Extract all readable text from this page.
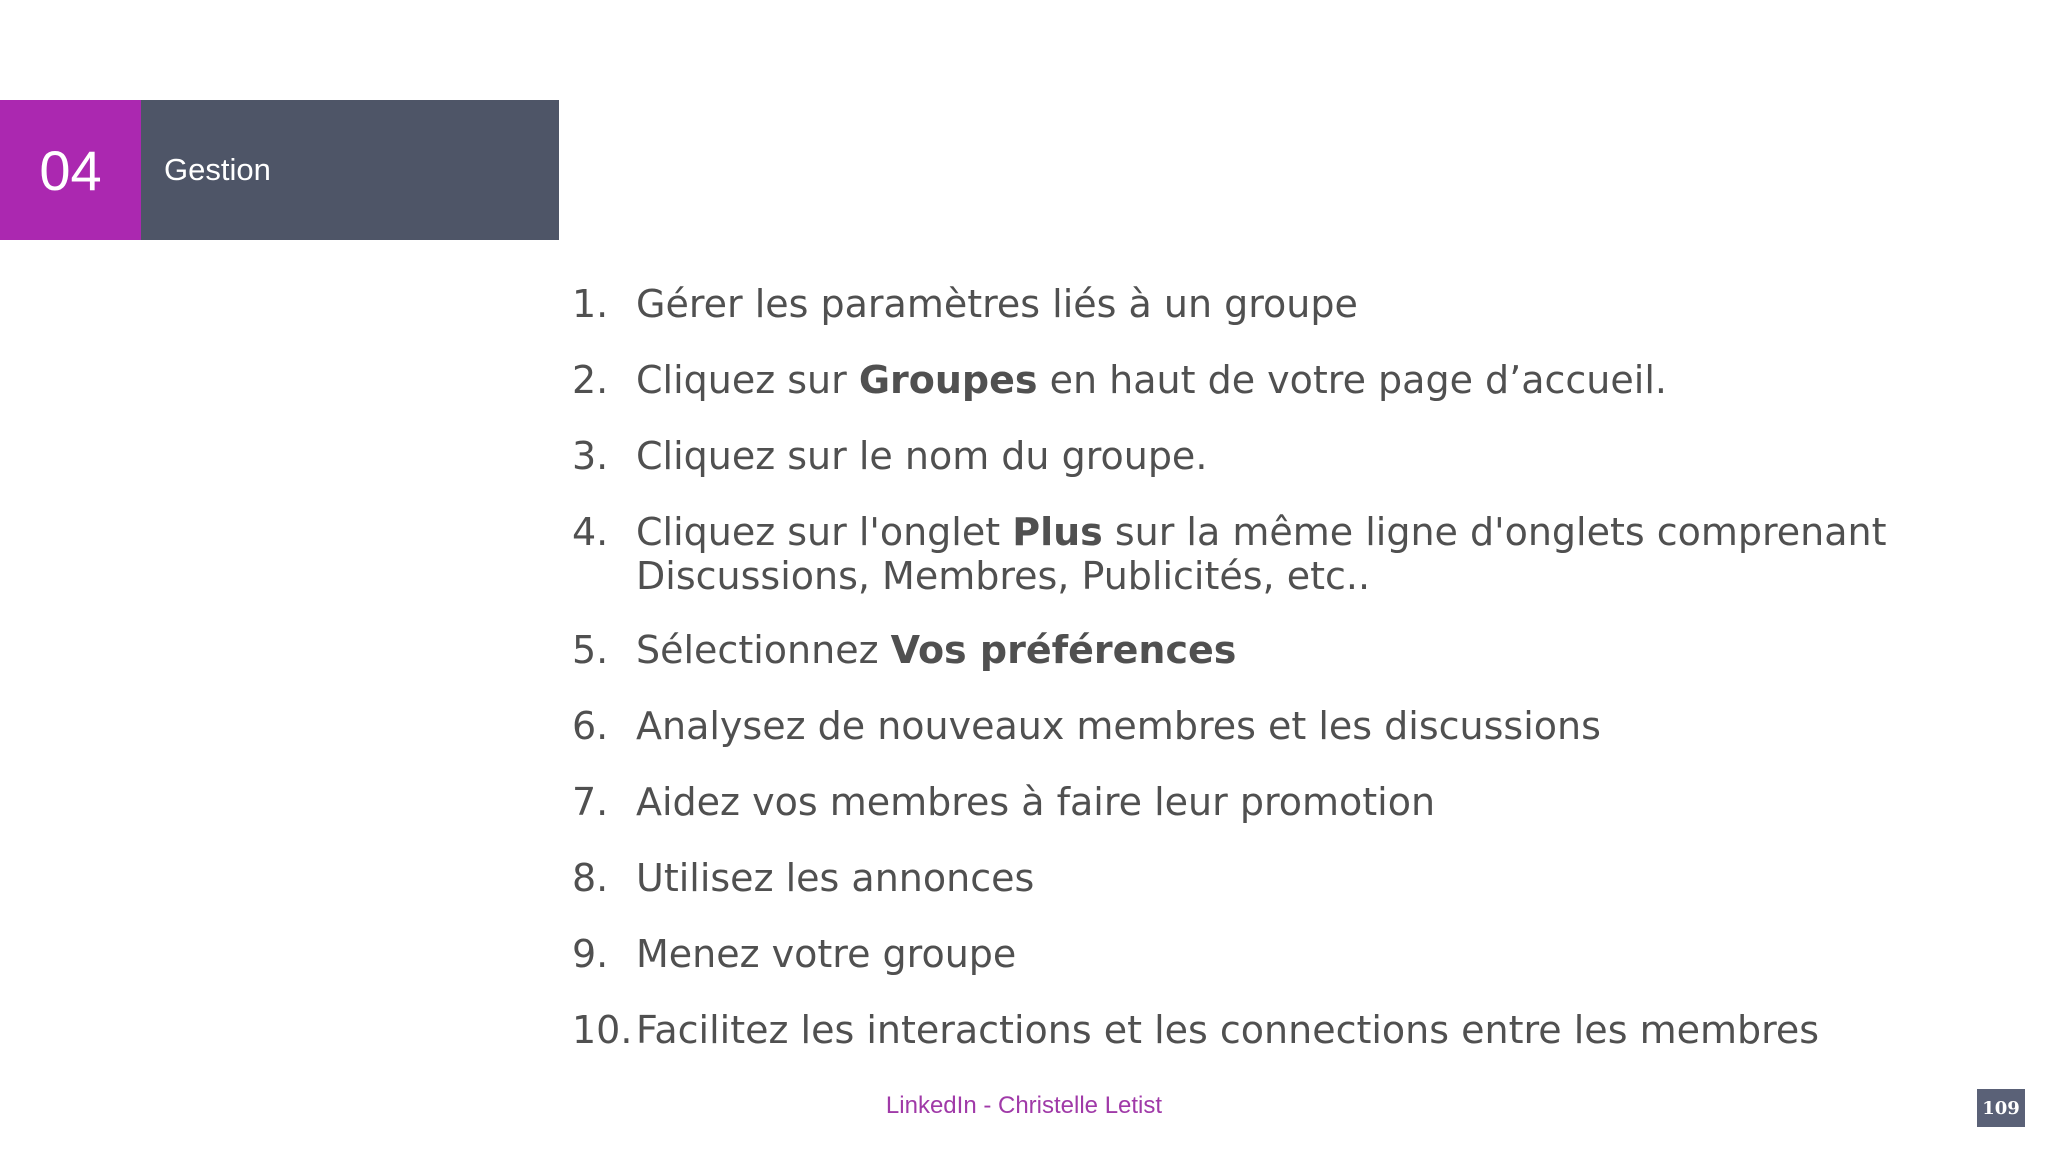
04	Gestion
1. Gérer les paramètres liés à un groupe
2. Cliquez sur Groupes en haut de votre page d’accueil.
3. Cliquez sur le nom du groupe.
4. Cliquez sur l'onglet Plus sur la même ligne d'onglets comprenant
Discussions, Membres, Publicités, etc..
5. Sélectionnez Vos préférences
6. Analysez de nouveaux membres et les discussions
7. Aidez vos membres à faire leur promotion
8. Utilisez les annonces
9. Menez votre groupe
10. Facilitez les interactions et les connections entre les membres
LinkedIn - Christelle Letist	109
